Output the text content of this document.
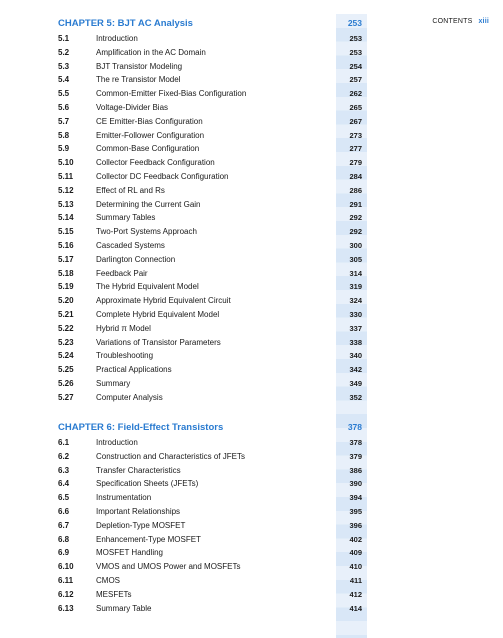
CONTENTS xiii
CHAPTER 5: BJT AC Analysis	253
5.1	Introduction	253
5.2	Amplification in the AC Domain	253
5.3	BJT Transistor Modeling	254
5.4	The re Transistor Model	257
5.5	Common-Emitter Fixed-Bias Configuration	262
5.6	Voltage-Divider Bias	265
5.7	CE Emitter-Bias Configuration	267
5.8	Emitter-Follower Configuration	273
5.9	Common-Base Configuration	277
5.10	Collector Feedback Configuration	279
5.11	Collector DC Feedback Configuration	284
5.12	Effect of RL and Rs	286
5.13	Determining the Current Gain	291
5.14	Summary Tables	292
5.15	Two-Port Systems Approach	292
5.16	Cascaded Systems	300
5.17	Darlington Connection	305
5.18	Feedback Pair	314
5.19	The Hybrid Equivalent Model	319
5.20	Approximate Hybrid Equivalent Circuit	324
5.21	Complete Hybrid Equivalent Model	330
5.22	Hybrid π Model	337
5.23	Variations of Transistor Parameters	338
5.24	Troubleshooting	340
5.25	Practical Applications	342
5.26	Summary	349
5.27	Computer Analysis	352
CHAPTER 6: Field-Effect Transistors	378
6.1	Introduction	378
6.2	Construction and Characteristics of JFETs	379
6.3	Transfer Characteristics	386
6.4	Specification Sheets (JFETs)	390
6.5	Instrumentation	394
6.6	Important Relationships	395
6.7	Depletion-Type MOSFET	396
6.8	Enhancement-Type MOSFET	402
6.9	MOSFET Handling	409
6.10	VMOS and UMOS Power and MOSFETs	410
6.11	CMOS	411
6.12	MESFETs	412
6.13	Summary Table	414
